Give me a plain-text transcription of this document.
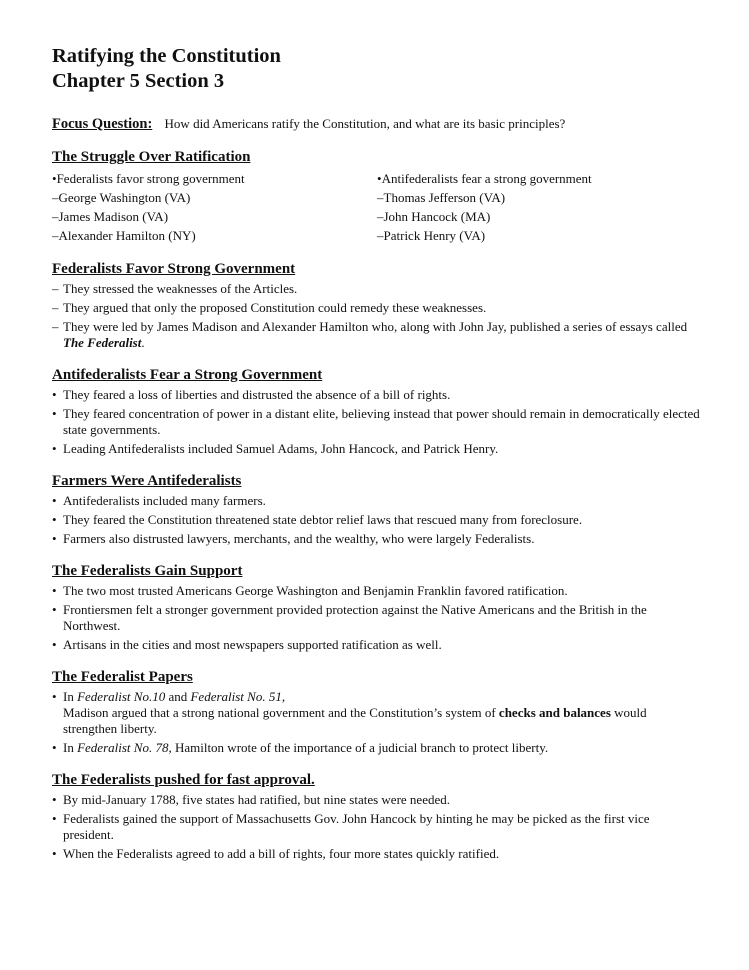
Ratifying the Constitution
Chapter 5 Section 3
Focus Question: How did Americans ratify the Constitution, and what are its basic principles?
The Struggle Over Ratification
•Federalists favor strong government
–George Washington (VA)
–James Madison (VA)
–Alexander Hamilton (NY)
•Antifederalists fear a strong government
–Thomas Jefferson (VA)
–John Hancock (MA)
–Patrick Henry (VA)
Federalists Favor Strong Government
– They stressed the weaknesses of the Articles.
– They argued that only the proposed Constitution could remedy these weaknesses.
– They were led by James Madison and Alexander Hamilton who, along with John Jay, published a series of essays called The Federalist.
Antifederalists Fear a Strong Government
• They feared a loss of liberties and distrusted the absence of a bill of rights.
• They feared concentration of power in a distant elite, believing instead that power should remain in democratically elected state governments.
• Leading Antifederalists included Samuel Adams, John Hancock, and Patrick Henry.
Farmers Were Antifederalists
• Antifederalists included many farmers.
• They feared the Constitution threatened state debtor relief laws that rescued many from foreclosure.
• Farmers also distrusted lawyers, merchants, and the wealthy, who were largely Federalists.
The Federalists Gain Support
• The two most trusted Americans George Washington and Benjamin Franklin favored ratification.
• Frontiersmen felt a stronger government provided protection against the Native Americans and the British in the Northwest.
• Artisans in the cities and most newspapers supported ratification as well.
The Federalist Papers
• In Federalist No.10 and Federalist No. 51,
Madison argued that a strong national government and the Constitution’s system of checks and balances would strengthen liberty.
• In Federalist No. 78, Hamilton wrote of the importance of a judicial branch to protect liberty.
The Federalists pushed for fast approval.
• By mid-January 1788, five states had ratified, but nine states were needed.
• Federalists gained the support of Massachusetts Gov. John Hancock by hinting he may be picked as the first vice president.
• When the Federalists agreed to add a bill of rights, four more states quickly ratified.
